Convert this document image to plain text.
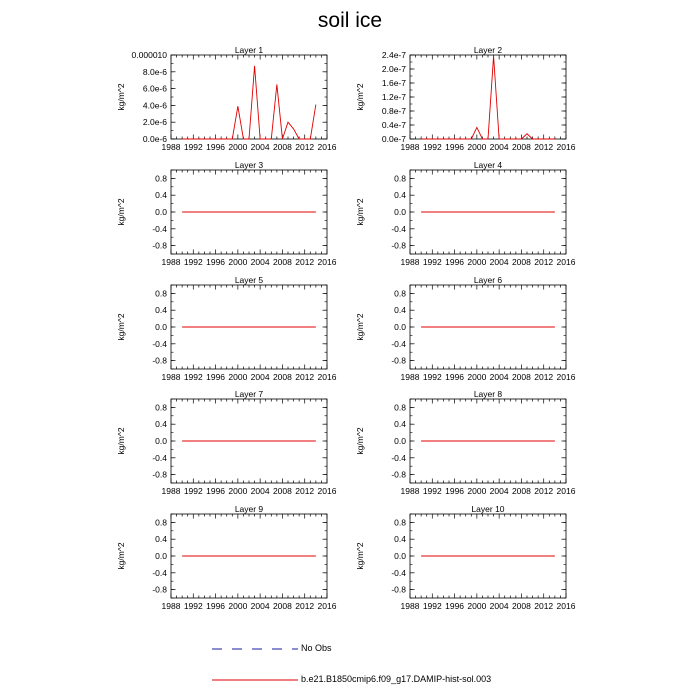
soil ice
Layer 1
kg/m^2
1988 1992 1996 2000 2004 2008 2012 2016
0.0e-6
2.0e-6
4.0e-6
6.0e-6
8.0e-6
0.000010	Layer 2
kg/m^2
1988 1992 1996 2000 2004 2008 2012 2016
0.0e-7
0.4e-7
0.8e-7
1.2e-7
1.6e-7
2.0e-7
2.4e-7
Layer 3
kg/m^2
1988 1992 1996 2000 2004 2008 2012 2016
-0.8
-0.4
0.0
0.4
0.8
Layer 4
kg/m^2
1988 1992 1996 2000 2004 2008 2012 2016
-0.8
-0.4
0.0
0.4
0.8
Layer 5
kg/m^2
1988 1992 1996 2000 2004 2008 2012 2016
-0.8
-0.4
0.0
0.4
0.8
Layer 6
kg/m^2
1988 1992 1996 2000 2004 2008 2012 2016
-0.8
-0.4
0.0
0.4
0.8
Layer 7
kg/m^2
1988 1992 1996 2000 2004 2008 2012 2016
-0.8
-0.4
0.0
0.4
0.8
Layer 8
kg/m^2
1988 1992 1996 2000 2004 2008 2012 2016
-0.8
-0.4
0.0
0.4
0.8
Layer 9
kg/m^2
1988 1992 1996 2000 2004 2008 2012 2016
-0.8
-0.4
0.0
0.4
0.8
Layer 10
kg/m^2
1988 1992 1996 2000 2004 2008 2012 2016
-0.8
-0.4
0.0
0.4
0.8
No Obs
b.e21.B1850cmip6.f09_g17.DAMIP-hist-sol.003
